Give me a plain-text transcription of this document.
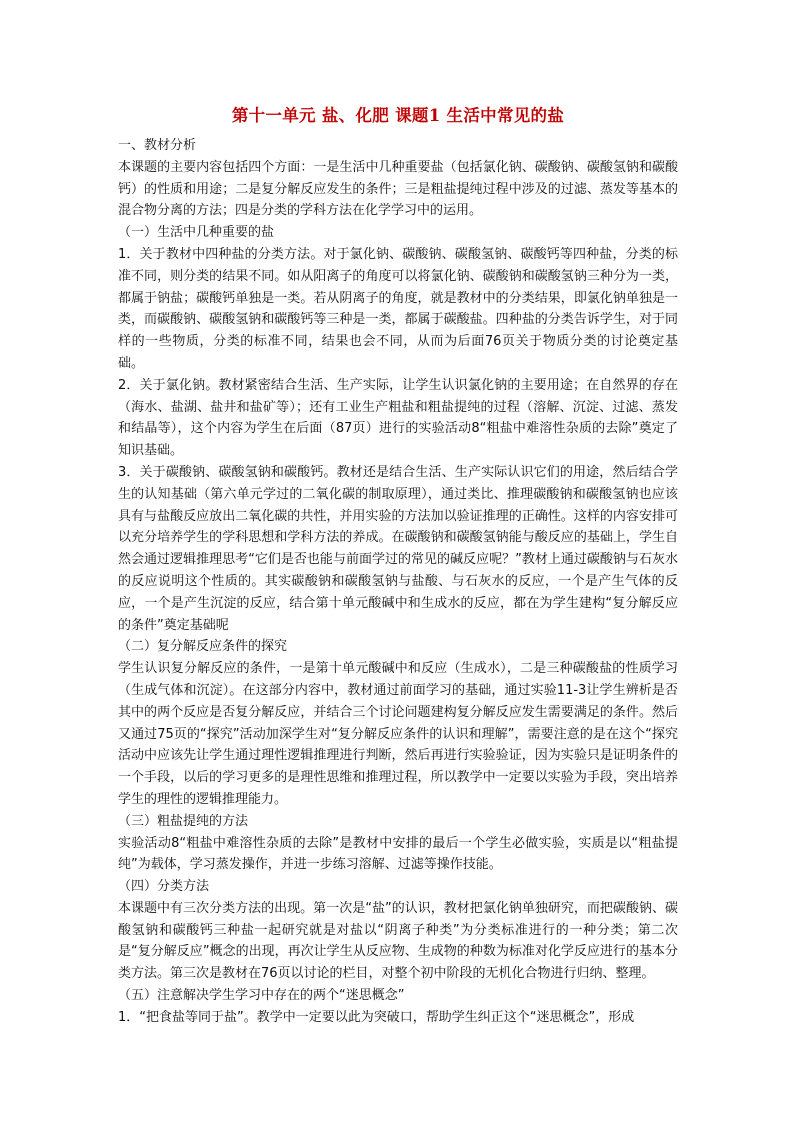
第十一单元 盐、化肥 课题1 生活中常见的盐

一、教材分析

本课题的主要内容包括四个方面：一是生活中几种重要盐（包括氯化钠、碳酸钠、碳酸氢钠和碳酸钙）的性质和用途；二是复分解反应发生的条件；三是粗盐提纯过程中涉及的过滤、蒸发等基本的混合物分离的方法；四是分类的学科方法在化学学习中的运用。

（一）生活中几种重要的盐

1．关于教材中四种盐的分类方法。对于氯化钠、碳酸钠、碳酸氢钠、碳酸钙等四种盐，分类的标准不同，则分类的结果不同。如从阳离子的角度可以将氯化钠、碳酸钠和碳酸氢钠三种分为一类，都属于钠盐；碳酸钙单独是一类。若从阴离子的角度，就是教材中的分类结果，即氯化钠单独是一类，而碳酸钠、碳酸氢钠和碳酸钙等三种是一类，都属于碳酸盐。四种盐的分类告诉学生，对于同样的一些物质，分类的标准不同，结果也会不同，从而为后面76页关于物质分类的讨论奠定基础。

2．关于氯化钠。教材紧密结合生活、生产实际，让学生认识氯化钠的主要用途；在自然界的存在（海水、盐湖、盐井和盐矿等）；还有工业生产粗盐和粗盐提纯的过程（溶解、沉淀、过滤、蒸发和结晶等），这个内容为学生在后面（87页）进行的实验活动8“粗盐中难溶性杂质的去除”奠定了知识基础。

3．关于碳酸钠、碳酸氢钠和碳酸钙。教材还是结合生活、生产实际认识它们的用途，然后结合学生的认知基础（第六单元学过的二氧化碳的制取原理），通过类比、推理碳酸钠和碳酸氢钠也应该具有与盐酸反应放出二氧化碳的共性，并用实验的方法加以验证推理的正确性。这样的内容安排可以充分培养学生的学科思想和学科方法的养成。在碳酸钠和碳酸氢钠能与酸反应的基础上，学生自然会通过逻辑推理思考“它们是否也能与前面学过的常见的碱反应呢？”教材上通过碳酸钠与石灰水的反应说明这个性质的。其实碳酸钠和碳酸氢钠与盐酸、与石灰水的反应，一个是产生气体的反应，一个是产生沉淀的反应，结合第十单元酸碱中和生成水的反应，都在为学生建构“复分解反应的条件”奠定基础呢

（二）复分解反应条件的探究

学生认识复分解反应的条件，一是第十单元酸碱中和反应（生成水），二是三种碳酸盐的性质学习（生成气体和沉淀）。在这部分内容中，教材通过前面学习的基础，通过实验11-3让学生辨析是否其中的两个反应是否复分解反应，并结合三个讨论问题建构复分解反应发生需要满足的条件。然后又通过75页的“探究”活动加深学生对“复分解反应条件的认识和理解”，需要注意的是在这个“探究活动中应该先让学生通过理性逻辑推理进行判断，然后再进行实验验证，因为实验只是证明条件的一个手段，以后的学习更多的是理性思维和推理过程，所以教学中一定要以实验为手段，突出培养学生的理性的逻辑推理能力。

（三）粗盐提纯的方法

实验活动8“粗盐中难溶性杂质的去除”是教材中安排的最后一个学生必做实验，实质是以“粗盐提纯”为载体，学习蒸发操作，并进一步练习溶解、过滤等操作技能。

（四）分类方法

本课题中有三次分类方法的出现。第一次是“盐”的认识，教材把氯化钠单独研究，而把碳酸钠、碳酸氢钠和碳酸钙三种盐一起研究就是对盐以“阴离子种类”为分类标准进行的一种分类；第二次是“复分解反应”概念的出现，再次让学生从反应物、生成物的种数为标准对化学反应进行的基本分类方法。第三次是教材在76页以讨论的栏目，对整个初中阶段的无机化合物进行归纳、整理。

（五）注意解决学生学习中存在的两个“迷思概念”

1．“把食盐等同于盐”。教学中一定要以此为突破口，帮助学生纠正这个“迷思概念”，形成
